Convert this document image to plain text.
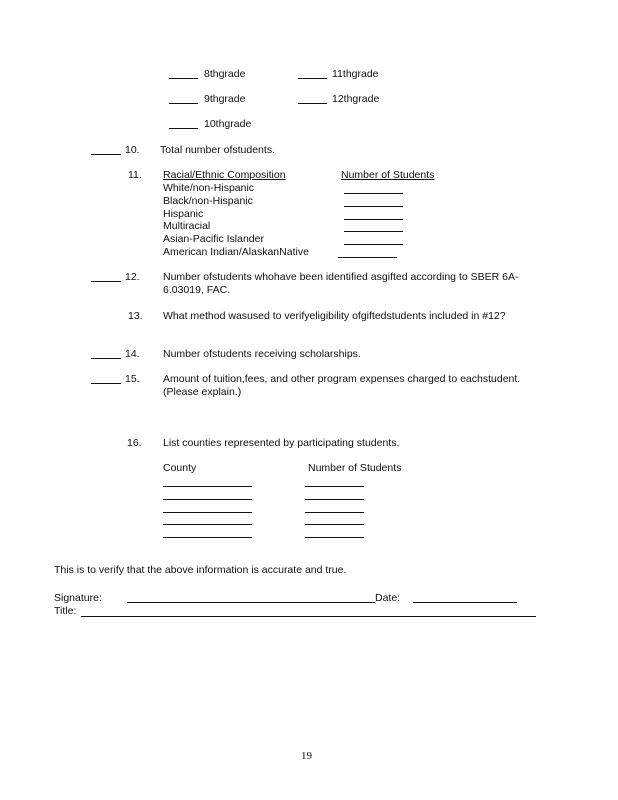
8thgrade	11thgrade
9thgrade	12thgrade
10thgrade
10. Total number ofstudents.
11. Racial/Ethnic Composition	Number of Students
White/non-Hispanic
Black/non-Hispanic
Hispanic
Multiracial
Asian-Pacific Islander
American Indian/AlaskanNative
12. Number ofstudents whohave been identified asgifted according to SBER 6A-
6.03019, FAC.
13. What method wasused to verifyeligibility ofgiftedstudents included in #12?
14. Number ofstudents receiving scholarships.
15. Amount of tuition,fees, and other program expenses charged to eachstudent.
(Please explain.)
16. List counties represented by participating students.
County	Number of Students
This is to verify that the above information is accurate and true.
Signature:	Date:
Title:
19
